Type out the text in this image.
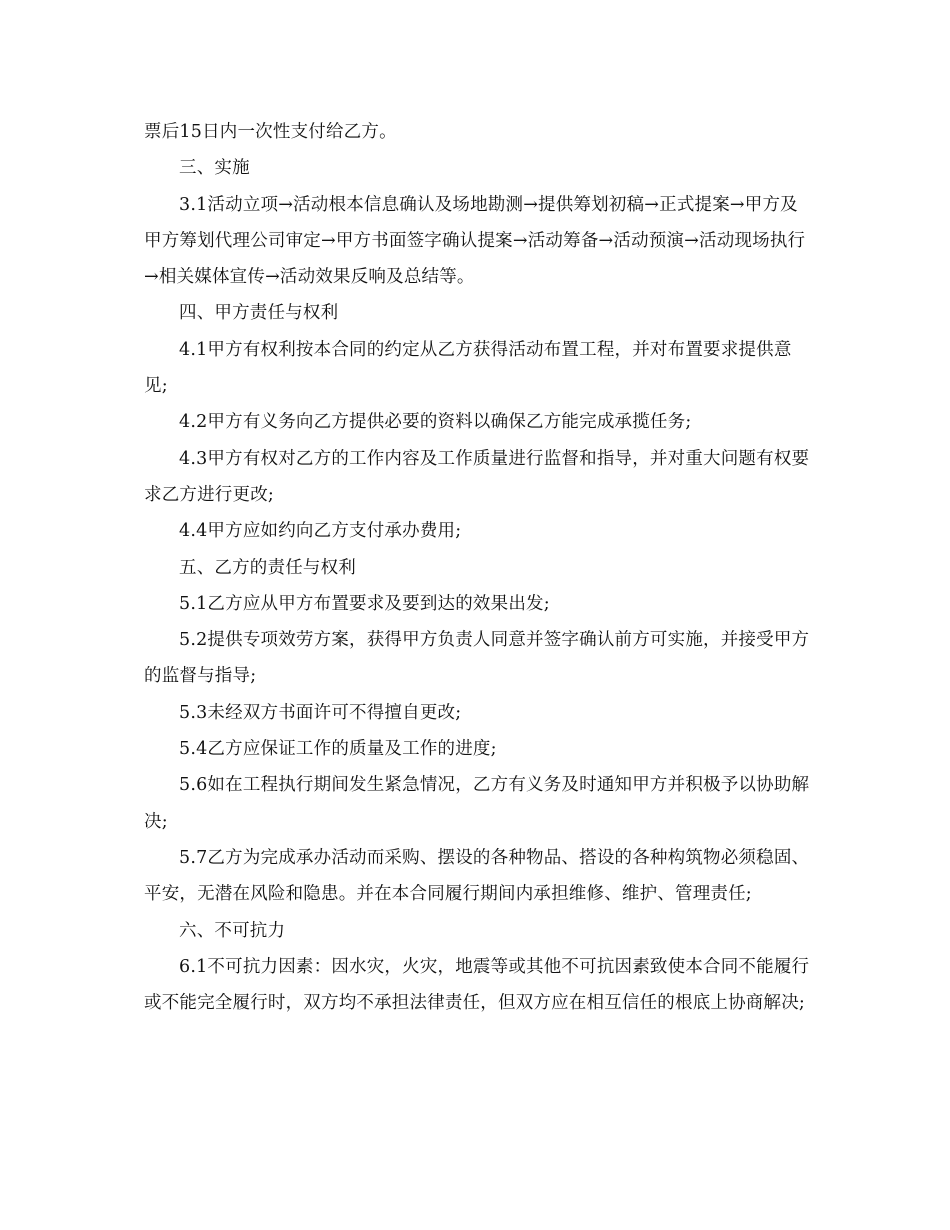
票后15日内一次性支付给乙方。

三、实施

3.1活动立项→活动根本信息确认及场地勘测→提供筹划初稿→正式提案→甲方及甲方筹划代理公司审定→甲方书面签字确认提案→活动筹备→活动预演→活动现场执行→相关媒体宣传→活动效果反响及总结等。

四、甲方责任与权利

4.1甲方有权利按本合同的约定从乙方获得活动布置工程，并对布置要求提供意见;

4.2甲方有义务向乙方提供必要的资料以确保乙方能完成承揽任务;

4.3甲方有权对乙方的工作内容及工作质量进行监督和指导，并对重大问题有权要求乙方进行更改;

4.4甲方应如约向乙方支付承办费用;

五、乙方的责任与权利

5.1乙方应从甲方布置要求及要到达的效果出发;

5.2提供专项效劳方案，获得甲方负责人同意并签字确认前方可实施，并接受甲方的监督与指导;

5.3未经双方书面许可不得擅自更改;

5.4乙方应保证工作的质量及工作的进度;

5.6如在工程执行期间发生紧急情况，乙方有义务及时通知甲方并积极予以协助解决;

5.7乙方为完成承办活动而采购、摆设的各种物品、搭设的各种构筑物必须稳固、平安，无潜在风险和隐患。并在本合同履行期间内承担维修、维护、管理责任;

六、不可抗力

6.1不可抗力因素：因水灾，火灾，地震等或其他不可抗因素致使本合同不能履行或不能完全履行时，双方均不承担法律责任，但双方应在相互信任的根底上协商解决;
